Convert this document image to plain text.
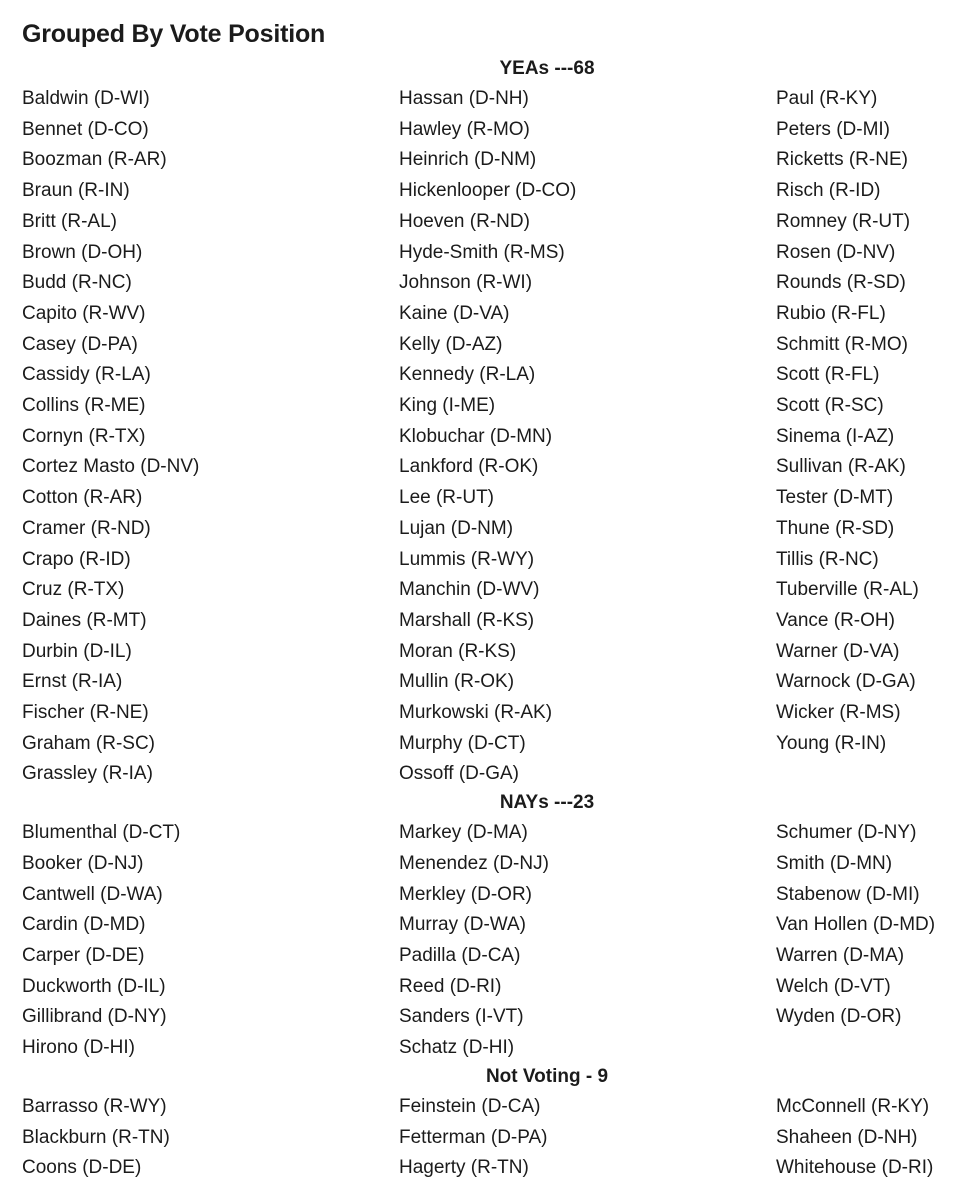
Grouped By Vote Position
YEAs ---68
Baldwin (D-WI)
Bennet (D-CO)
Boozman (R-AR)
Braun (R-IN)
Britt (R-AL)
Brown (D-OH)
Budd (R-NC)
Capito (R-WV)
Casey (D-PA)
Cassidy (R-LA)
Collins (R-ME)
Cornyn (R-TX)
Cortez Masto (D-NV)
Cotton (R-AR)
Cramer (R-ND)
Crapo (R-ID)
Cruz (R-TX)
Daines (R-MT)
Durbin (D-IL)
Ernst (R-IA)
Fischer (R-NE)
Graham (R-SC)
Grassley (R-IA)
Hassan (D-NH)
Hawley (R-MO)
Heinrich (D-NM)
Hickenlooper (D-CO)
Hoeven (R-ND)
Hyde-Smith (R-MS)
Johnson (R-WI)
Kaine (D-VA)
Kelly (D-AZ)
Kennedy (R-LA)
King (I-ME)
Klobuchar (D-MN)
Lankford (R-OK)
Lee (R-UT)
Lujan (D-NM)
Lummis (R-WY)
Manchin (D-WV)
Marshall (R-KS)
Moran (R-KS)
Mullin (R-OK)
Murkowski (R-AK)
Murphy (D-CT)
Ossoff (D-GA)
Paul (R-KY)
Peters (D-MI)
Ricketts (R-NE)
Risch (R-ID)
Romney (R-UT)
Rosen (D-NV)
Rounds (R-SD)
Rubio (R-FL)
Schmitt (R-MO)
Scott (R-FL)
Scott (R-SC)
Sinema (I-AZ)
Sullivan (R-AK)
Tester (D-MT)
Thune (R-SD)
Tillis (R-NC)
Tuberville (R-AL)
Vance (R-OH)
Warner (D-VA)
Warnock (D-GA)
Wicker (R-MS)
Young (R-IN)
NAYs ---23
Blumenthal (D-CT)
Booker (D-NJ)
Cantwell (D-WA)
Cardin (D-MD)
Carper (D-DE)
Duckworth (D-IL)
Gillibrand (D-NY)
Hirono (D-HI)
Markey (D-MA)
Menendez (D-NJ)
Merkley (D-OR)
Murray (D-WA)
Padilla (D-CA)
Reed (D-RI)
Sanders (I-VT)
Schatz (D-HI)
Schumer (D-NY)
Smith (D-MN)
Stabenow (D-MI)
Van Hollen (D-MD)
Warren (D-MA)
Welch (D-VT)
Wyden (D-OR)
Not Voting - 9
Barrasso (R-WY)
Blackburn (R-TN)
Coons (D-DE)
Feinstein (D-CA)
Fetterman (D-PA)
Hagerty (R-TN)
McConnell (R-KY)
Shaheen (D-NH)
Whitehouse (D-RI)
